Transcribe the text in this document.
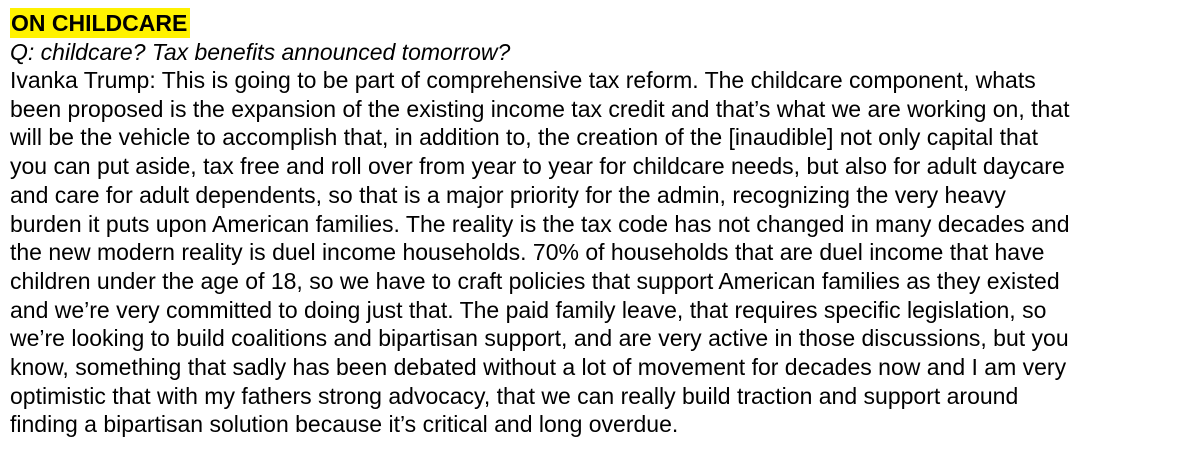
ON CHILDCARE

Q: childcare? Tax benefits announced tomorrow?

Ivanka Trump: This is going to be part of comprehensive tax reform. The childcare component, whats
been proposed is the expansion of the existing income tax credit and that’s what we are working on, that
will be the vehicle to accomplish that, in addition to, the creation of the [inaudible] not only capital that
you can put aside, tax free and roll over from year to year for childcare needs, but also for adult daycare
and care for adult dependents, so that is a major priority for the admin, recognizing the very heavy
burden it puts upon American families. The reality is the tax code has not changed in many decades and
the new modern reality is duel income households. 70% of households that are duel income that have
children under the age of 18, so we have to craft policies that support American families as they existed
and we’re very committed to doing just that. The paid family leave, that requires specific legislation, so
we’re looking to build coalitions and bipartisan support, and are very active in those discussions, but you
know, something that sadly has been debated without a lot of movement for decades now and I am very
optimistic that with my fathers strong advocacy, that we can really build traction and support around
finding a bipartisan solution because it’s critical and long overdue.
